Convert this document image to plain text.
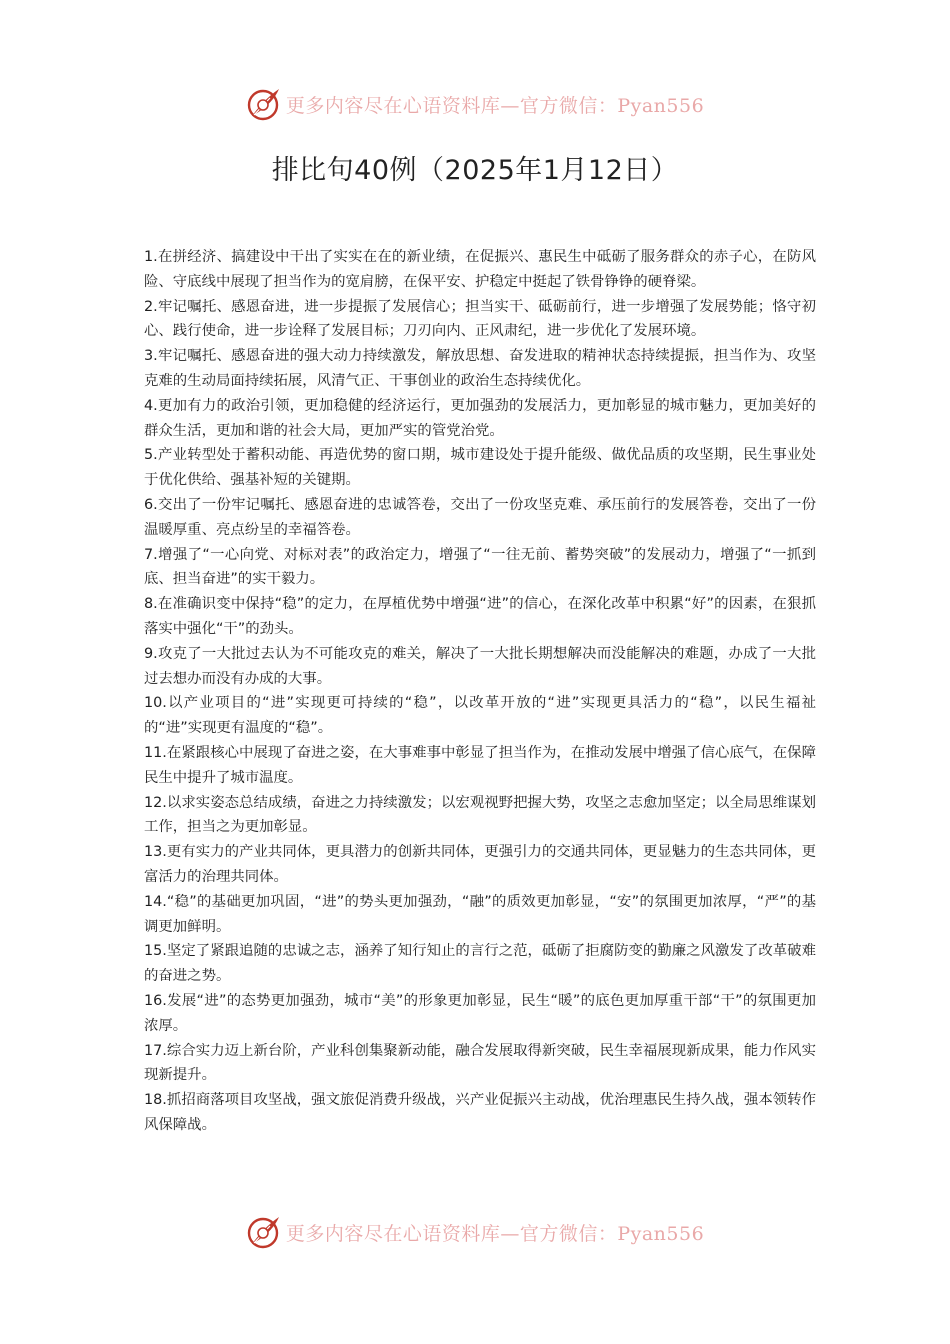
更多内容尽在心语资料库—官方微信：Pyan556
排比句40例（2025年1月12日）

1.在拼经济、搞建设中干出了实实在在的新业绩，在促振兴、惠民生中砥砺了服务群众的赤子心，在防风险、守底线中展现了担当作为的宽肩膀，在保平安、护稳定中挺起了铁骨铮铮的硬脊梁。

2.牢记嘱托、感恩奋进，进一步提振了发展信心；担当实干、砥砺前行，进一步增强了发展势能；恪守初心、践行使命，进一步诠释了发展目标；刀刃向内、正风肃纪，进一步优化了发展环境。

3.牢记嘱托、感恩奋进的强大动力持续激发，解放思想、奋发进取的精神状态持续提振，担当作为、攻坚克难的生动局面持续拓展，风清气正、干事创业的政治生态持续优化。

4.更加有力的政治引领，更加稳健的经济运行，更加强劲的发展活力，更加彰显的城市魅力，更加美好的群众生活，更加和谐的社会大局，更加严实的管党治党。

5.产业转型处于蓄积动能、再造优势的窗口期，城市建设处于提升能级、做优品质的攻坚期，民生事业处于优化供给、强基补短的关键期。

6.交出了一份牢记嘱托、感恩奋进的忠诚答卷，交出了一份攻坚克难、承压前行的发展答卷，交出了一份温暖厚重、亮点纷呈的幸福答卷。

7.增强了“一心向党、对标对表”的政治定力，增强了“一往无前、蓄势突破”的发展动力，增强了“一抓到底、担当奋进”的实干毅力。

8.在准确识变中保持“稳”的定力，在厚植优势中增强“进”的信心，在深化改革中积累“好”的因素，在狠抓落实中强化“干”的劲头。

9.攻克了一大批过去认为不可能攻克的难关，解决了一大批长期想解决而没能解决的难题，办成了一大批过去想办而没有办成的大事。

10.以产业项目的“进”实现更可持续的“稳”，以改革开放的“进”实现更具活力的“稳”，以民生福祉的“进”实现更有温度的“稳”。

11.在紧跟核心中展现了奋进之姿，在大事难事中彰显了担当作为，在推动发展中增强了信心底气，在保障民生中提升了城市温度。

12.以求实姿态总结成绩，奋进之力持续激发；以宏观视野把握大势，攻坚之志愈加坚定；以全局思维谋划工作，担当之为更加彰显。

13.更有实力的产业共同体，更具潜力的创新共同体，更强引力的交通共同体，更显魅力的生态共同体，更富活力的治理共同体。

14.“稳”的基础更加巩固，“进”的势头更加强劲，“融”的质效更加彰显，“安”的氛围更加浓厚，“严”的基调更加鲜明。

15.坚定了紧跟追随的忠诚之志，涵养了知行知止的言行之范，砥砺了拒腐防变的勤廉之风激发了改革破难的奋进之势。

16.发展“进”的态势更加强劲，城市“美”的形象更加彰显，民生“暖”的底色更加厚重干部“干”的氛围更加浓厚。

17.综合实力迈上新台阶，产业科创集聚新动能，融合发展取得新突破，民生幸福展现新成果，能力作风实现新提升。

18.抓招商落项目攻坚战，强文旅促消费升级战，兴产业促振兴主动战，优治理惠民生持久战，强本领转作风保障战。

更多内容尽在心语资料库—官方微信：Pyan556
